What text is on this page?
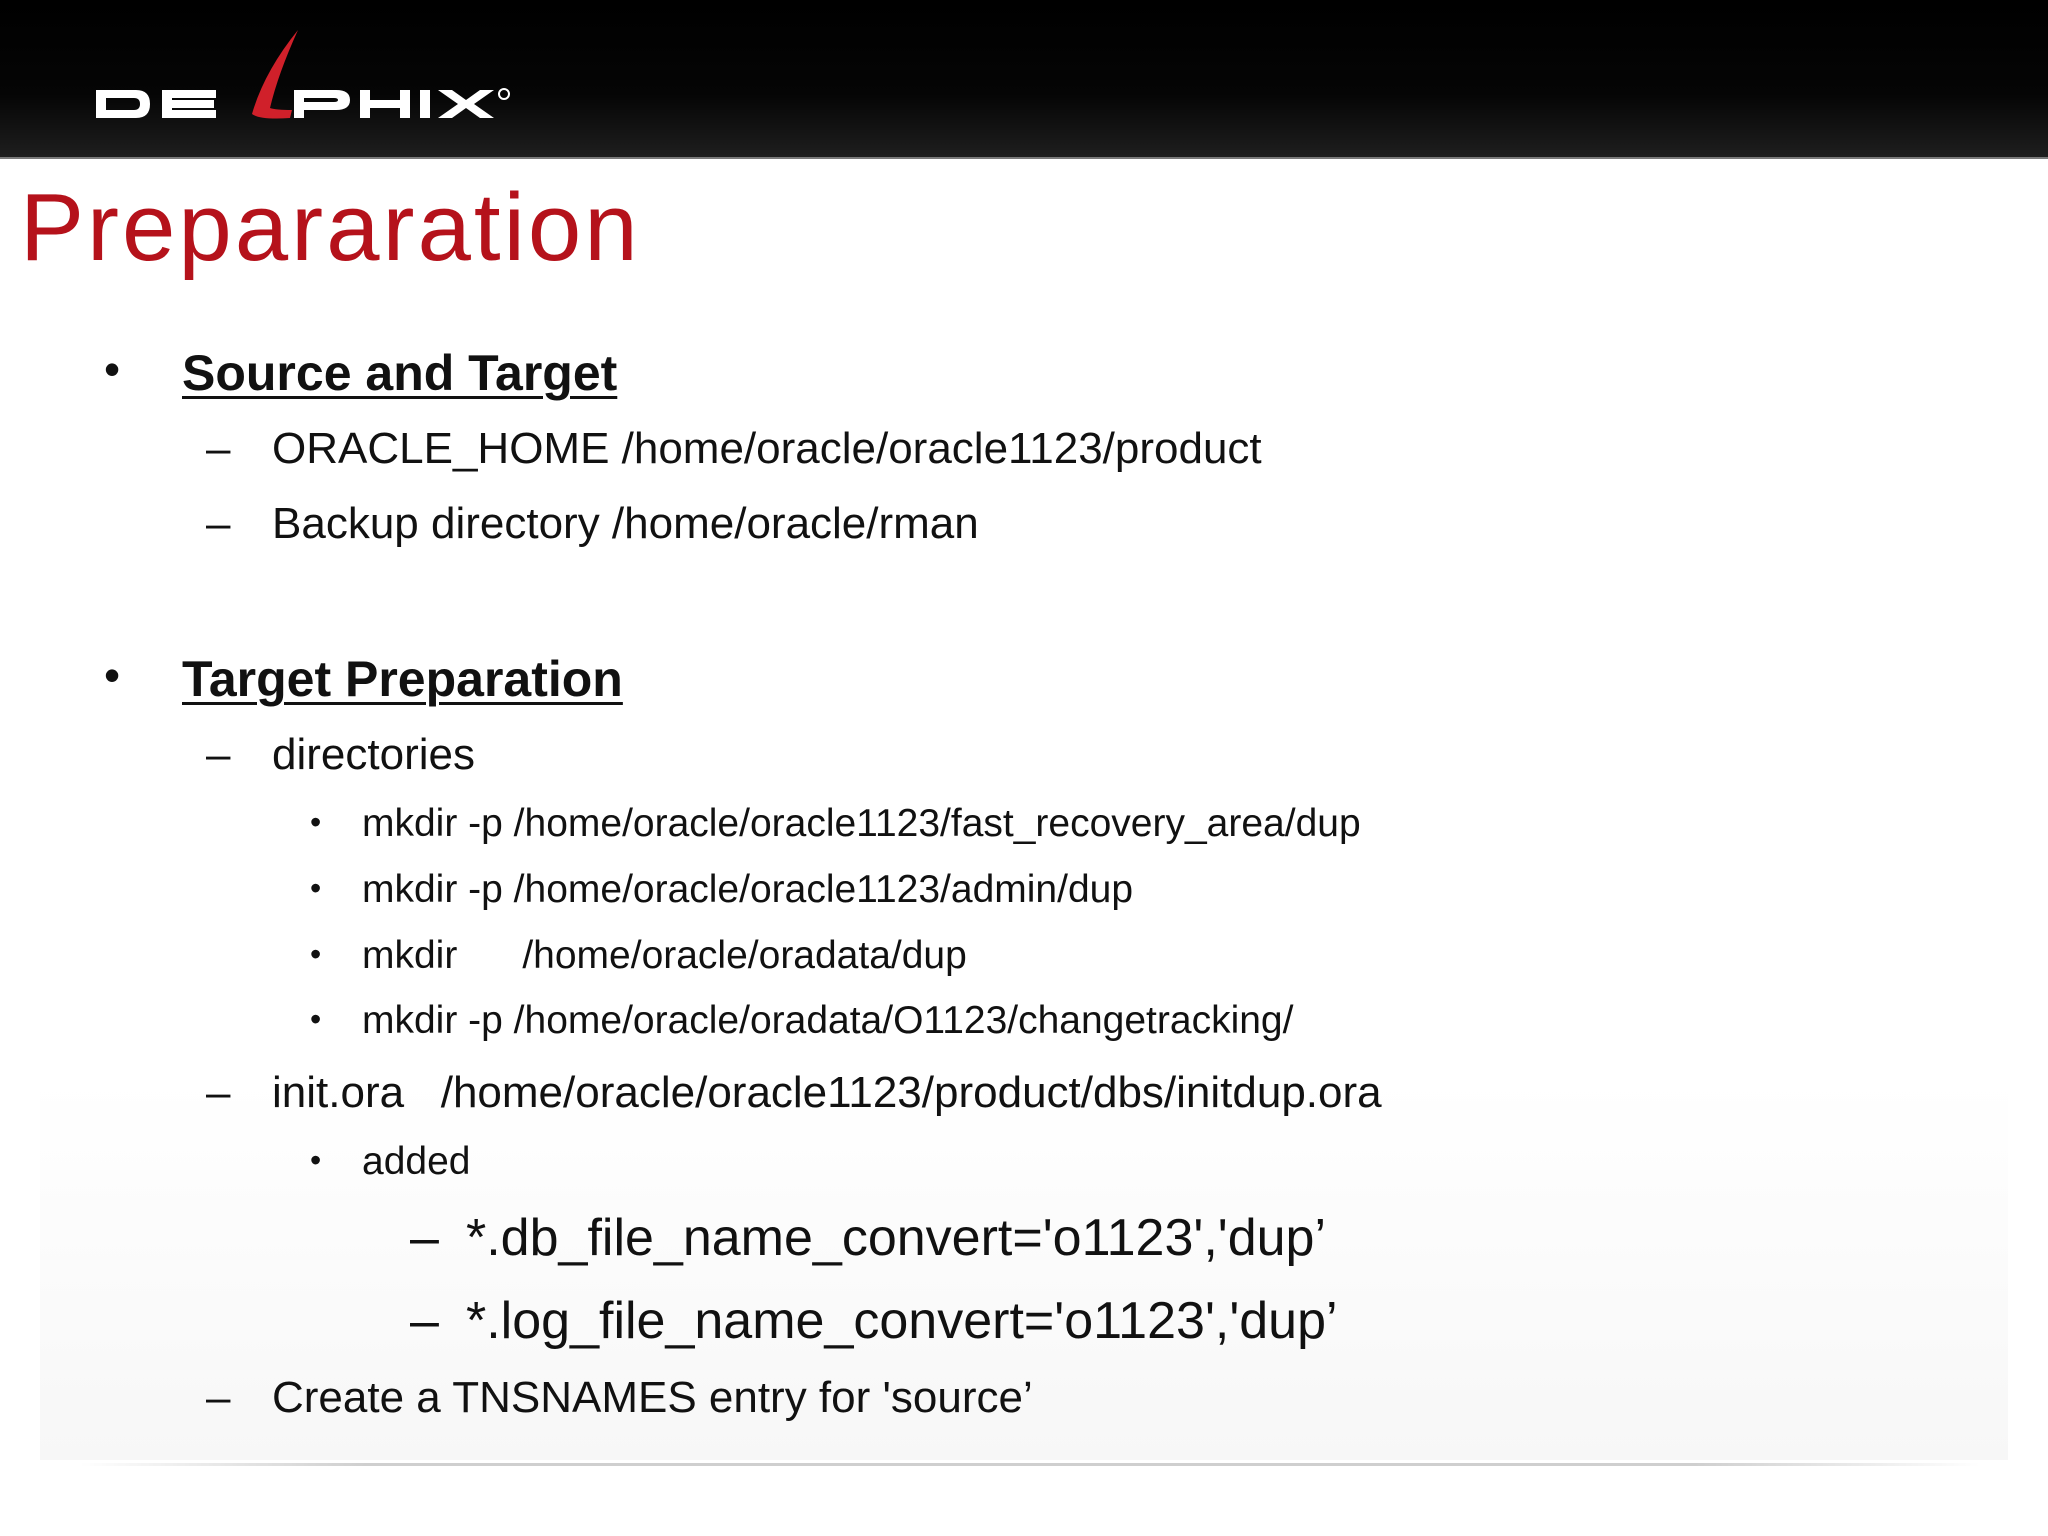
Prepararation
• Source and Target
– ORACLE_HOME /home/oracle/oracle1123/product
– Backup directory /home/oracle/rman
• Target Preparation
– directories
• mkdir -p /home/oracle/oracle1123/fast_recovery_area/dup
• mkdir -p /home/oracle/oracle1123/admin/dup
• mkdir      /home/oracle/oradata/dup
• mkdir -p /home/oracle/oradata/O1123/changetracking/
– init.ora   /home/oracle/oracle1123/product/dbs/initdup.ora
• added
– *.db_file_name_convert='o1123','dup’
– *.log_file_name_convert='o1123','dup’
– Create a TNSNAMES entry for 'source’
